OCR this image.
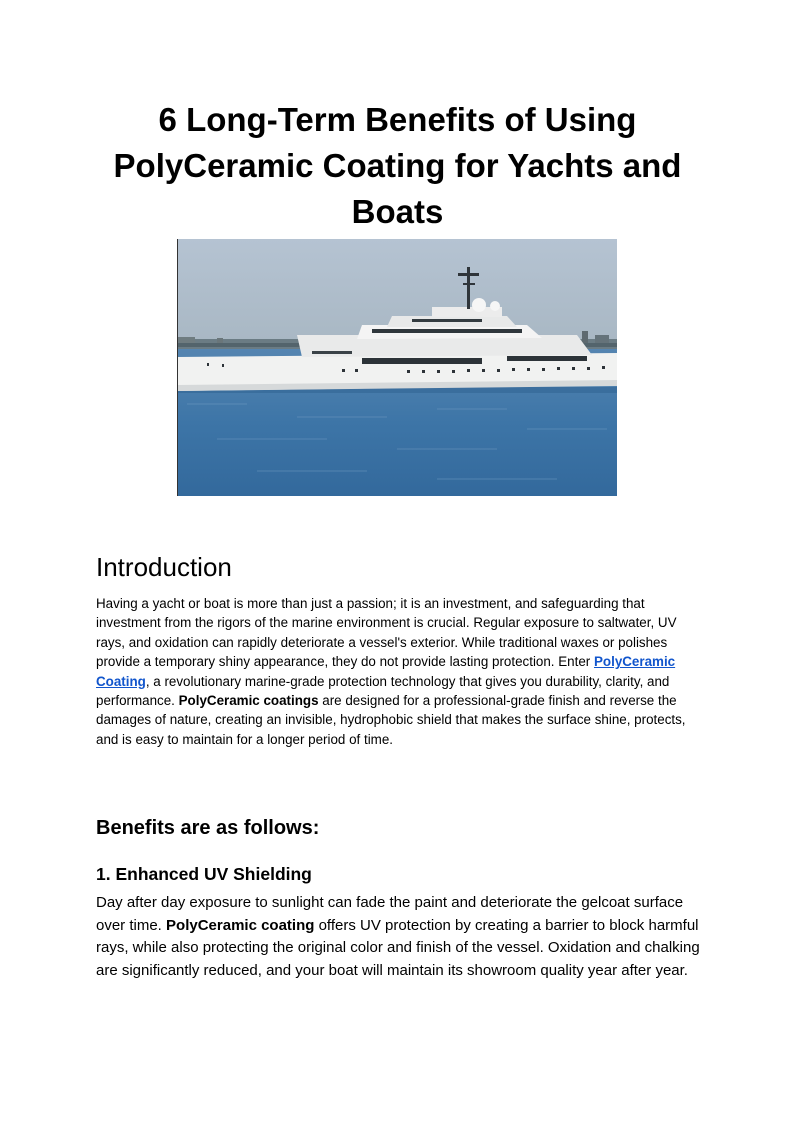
6 Long-Term Benefits of Using PolyCeramic Coating for Yachts and Boats
Introduction

Having a yacht or boat is more than just a passion; it is an investment, and safeguarding that investment from the rigors of the marine environment is crucial. Regular exposure to saltwater, UV rays, and oxidation can rapidly deteriorate a vessel's exterior. While traditional waxes or polishes provide a temporary shiny appearance, they do not provide lasting protection. Enter PolyCeramic Coating, a revolutionary marine-grade protection technology that gives you durability, clarity, and performance. PolyCeramic coatings are designed for a professional-grade finish and reverse the damages of nature, creating an invisible, hydrophobic shield that makes the surface shine, protects, and is easy to maintain for a longer period of time.

Benefits are as follows:
1. Enhanced UV Shielding

Day after day exposure to sunlight can fade the paint and deteriorate the gelcoat surface over time. PolyCeramic coating offers UV protection by creating a barrier to block harmful rays, while also protecting the original color and finish of the vessel. Oxidation and chalking are significantly reduced, and your boat will maintain its showroom quality year after year.
